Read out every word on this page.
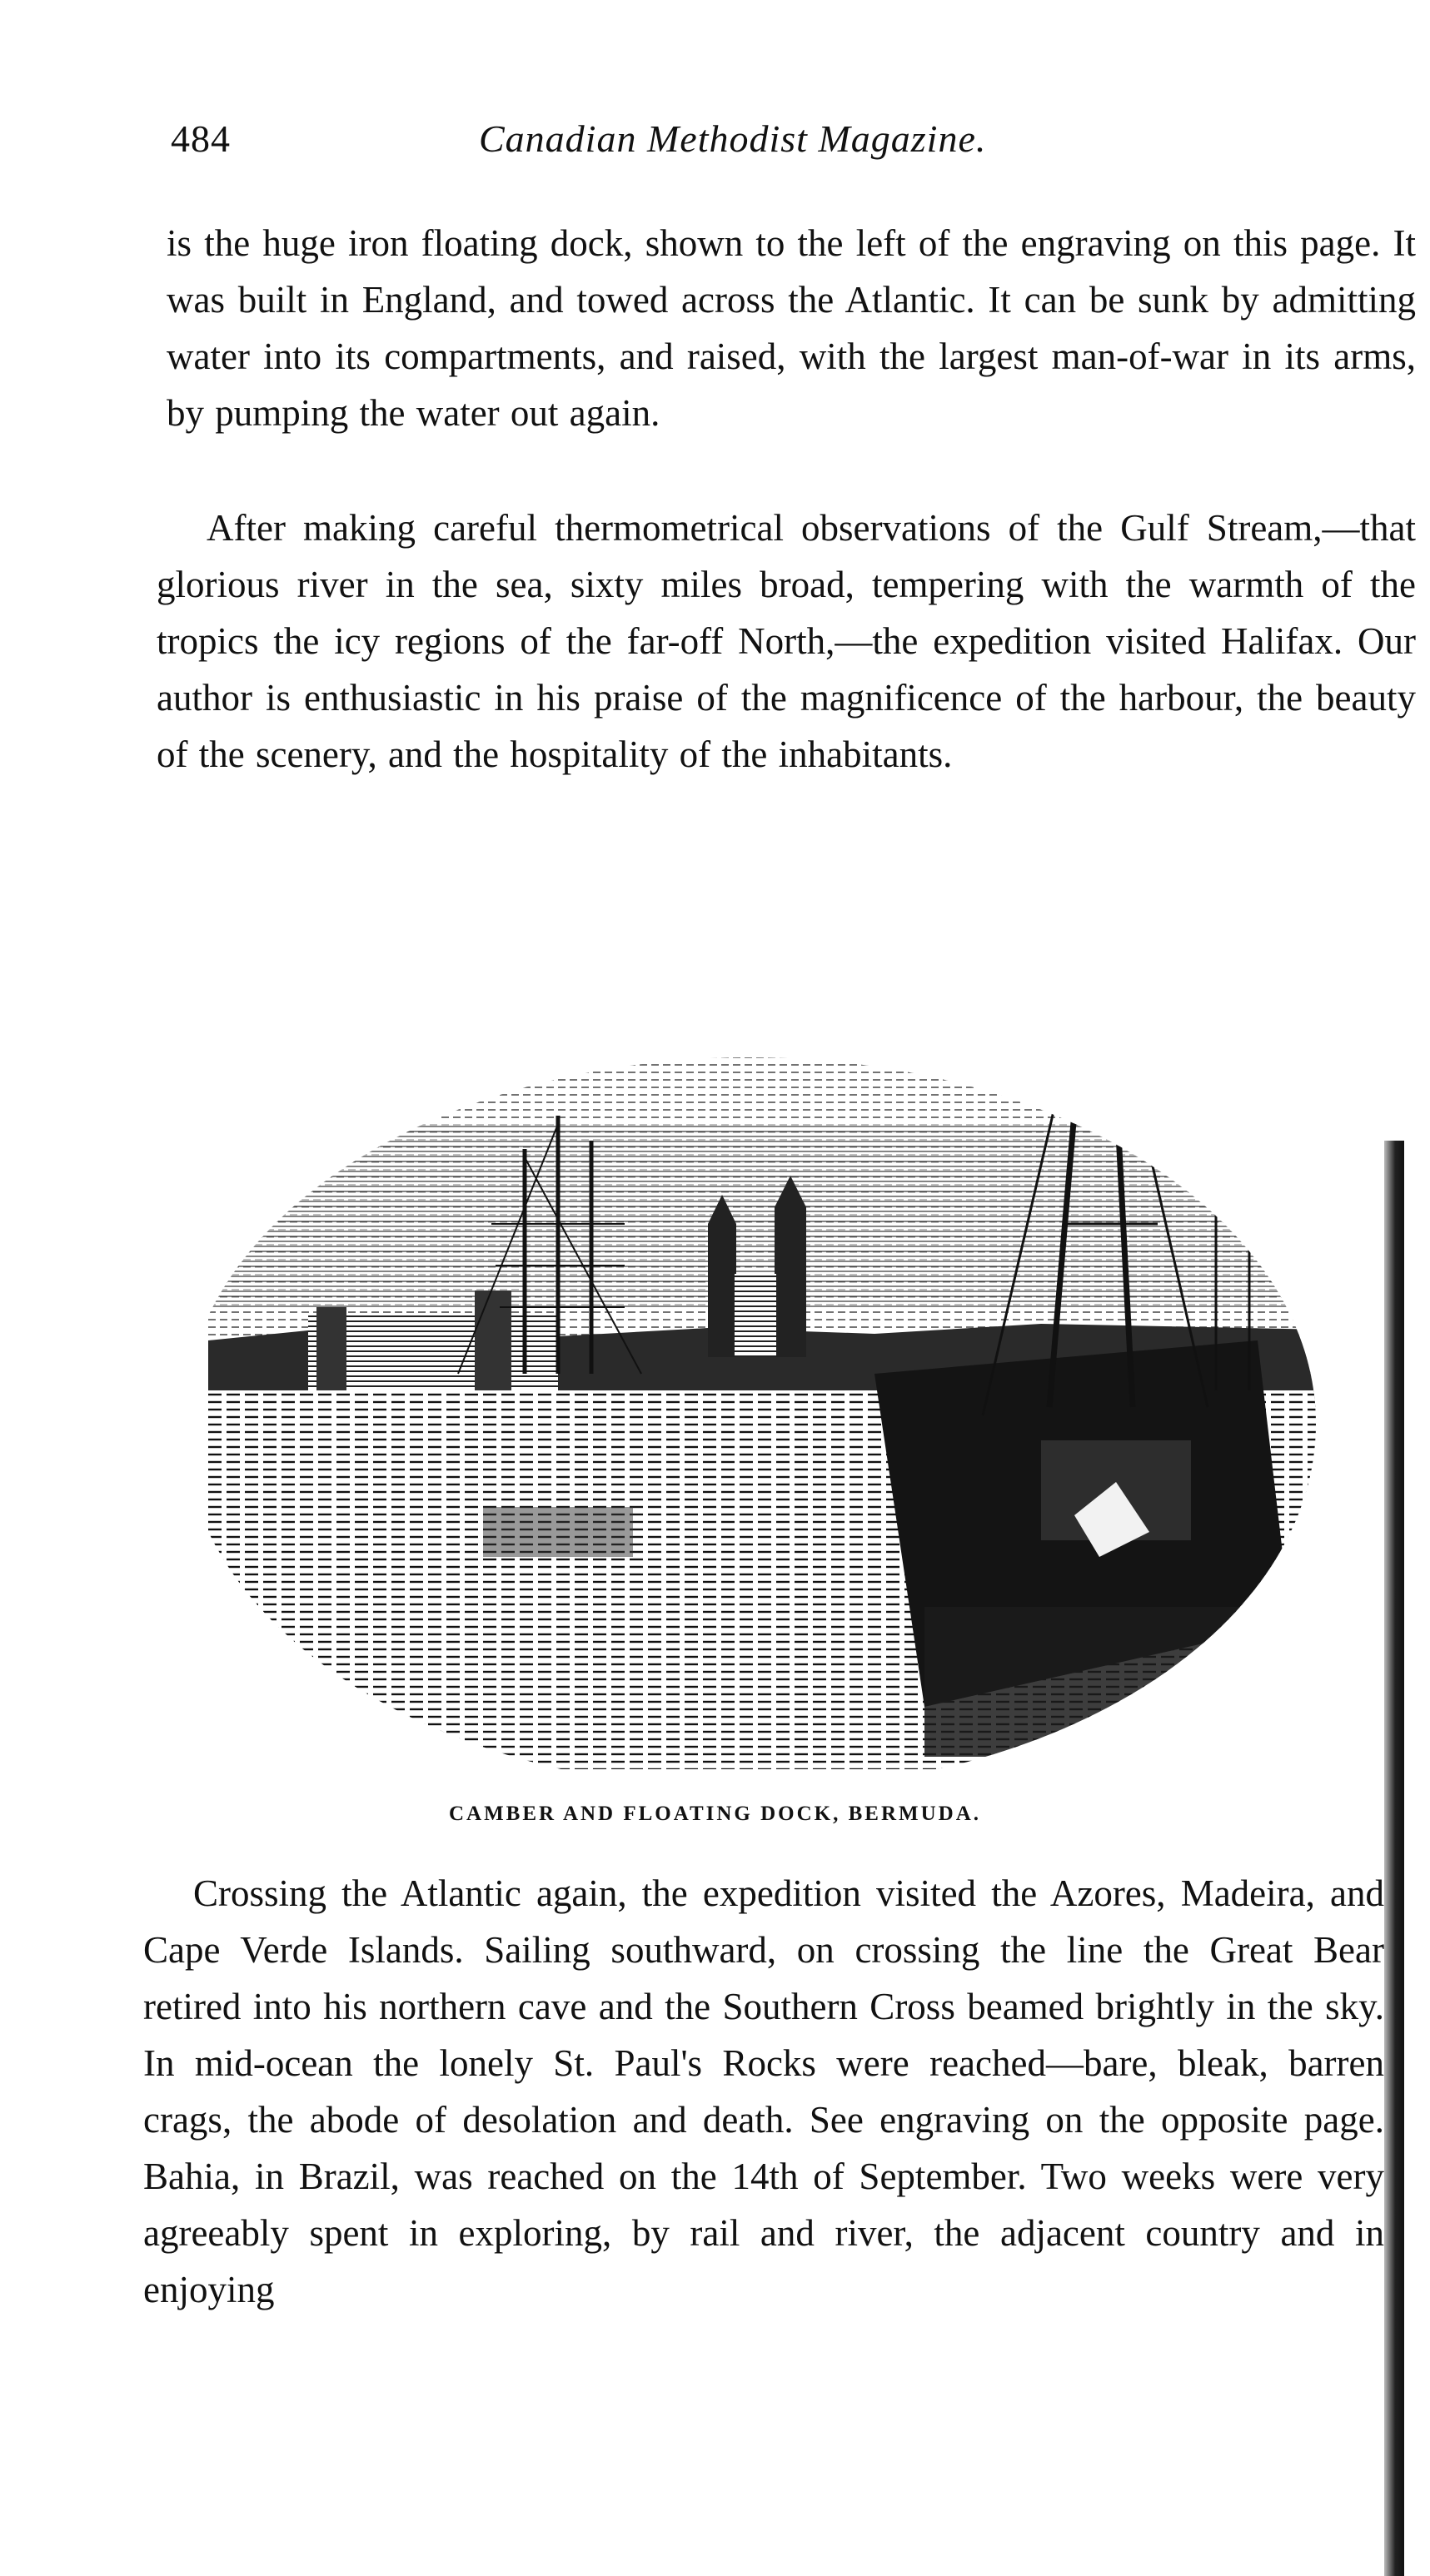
484	Canadian Methodist Magazine.

is the huge iron floating dock, shown to the left of the engraving on this page. It was built in England, and towed across the Atlantic. It can be sunk by admitting water into its compartments, and raised, with the largest man-of-war in its arms, by pumping the water out again.

After making careful thermometrical observations of the Gulf Stream,—that glorious river in the sea, sixty miles broad, tempering with the warmth of the tropics the icy regions of the far-off North,—the expedition visited Halifax. Our author is enthusiastic in his praise of the magnificence of the harbour, the beauty of the scenery, and the hospitality of the inhabitants.

CAMBER AND FLOATING DOCK, BERMUDA.

Crossing the Atlantic again, the expedition visited the Azores, Madeira, and Cape Verde Islands. Sailing southward, on crossing the line the Great Bear retired into his northern cave and the Southern Cross beamed brightly in the sky. In mid-ocean the lonely St. Paul's Rocks were reached—bare, bleak, barren crags, the abode of desolation and death. See engraving on the opposite page. Bahia, in Brazil, was reached on the 14th of September. Two weeks were very agreeably spent in exploring, by rail and river, the adjacent country and in enjoying
